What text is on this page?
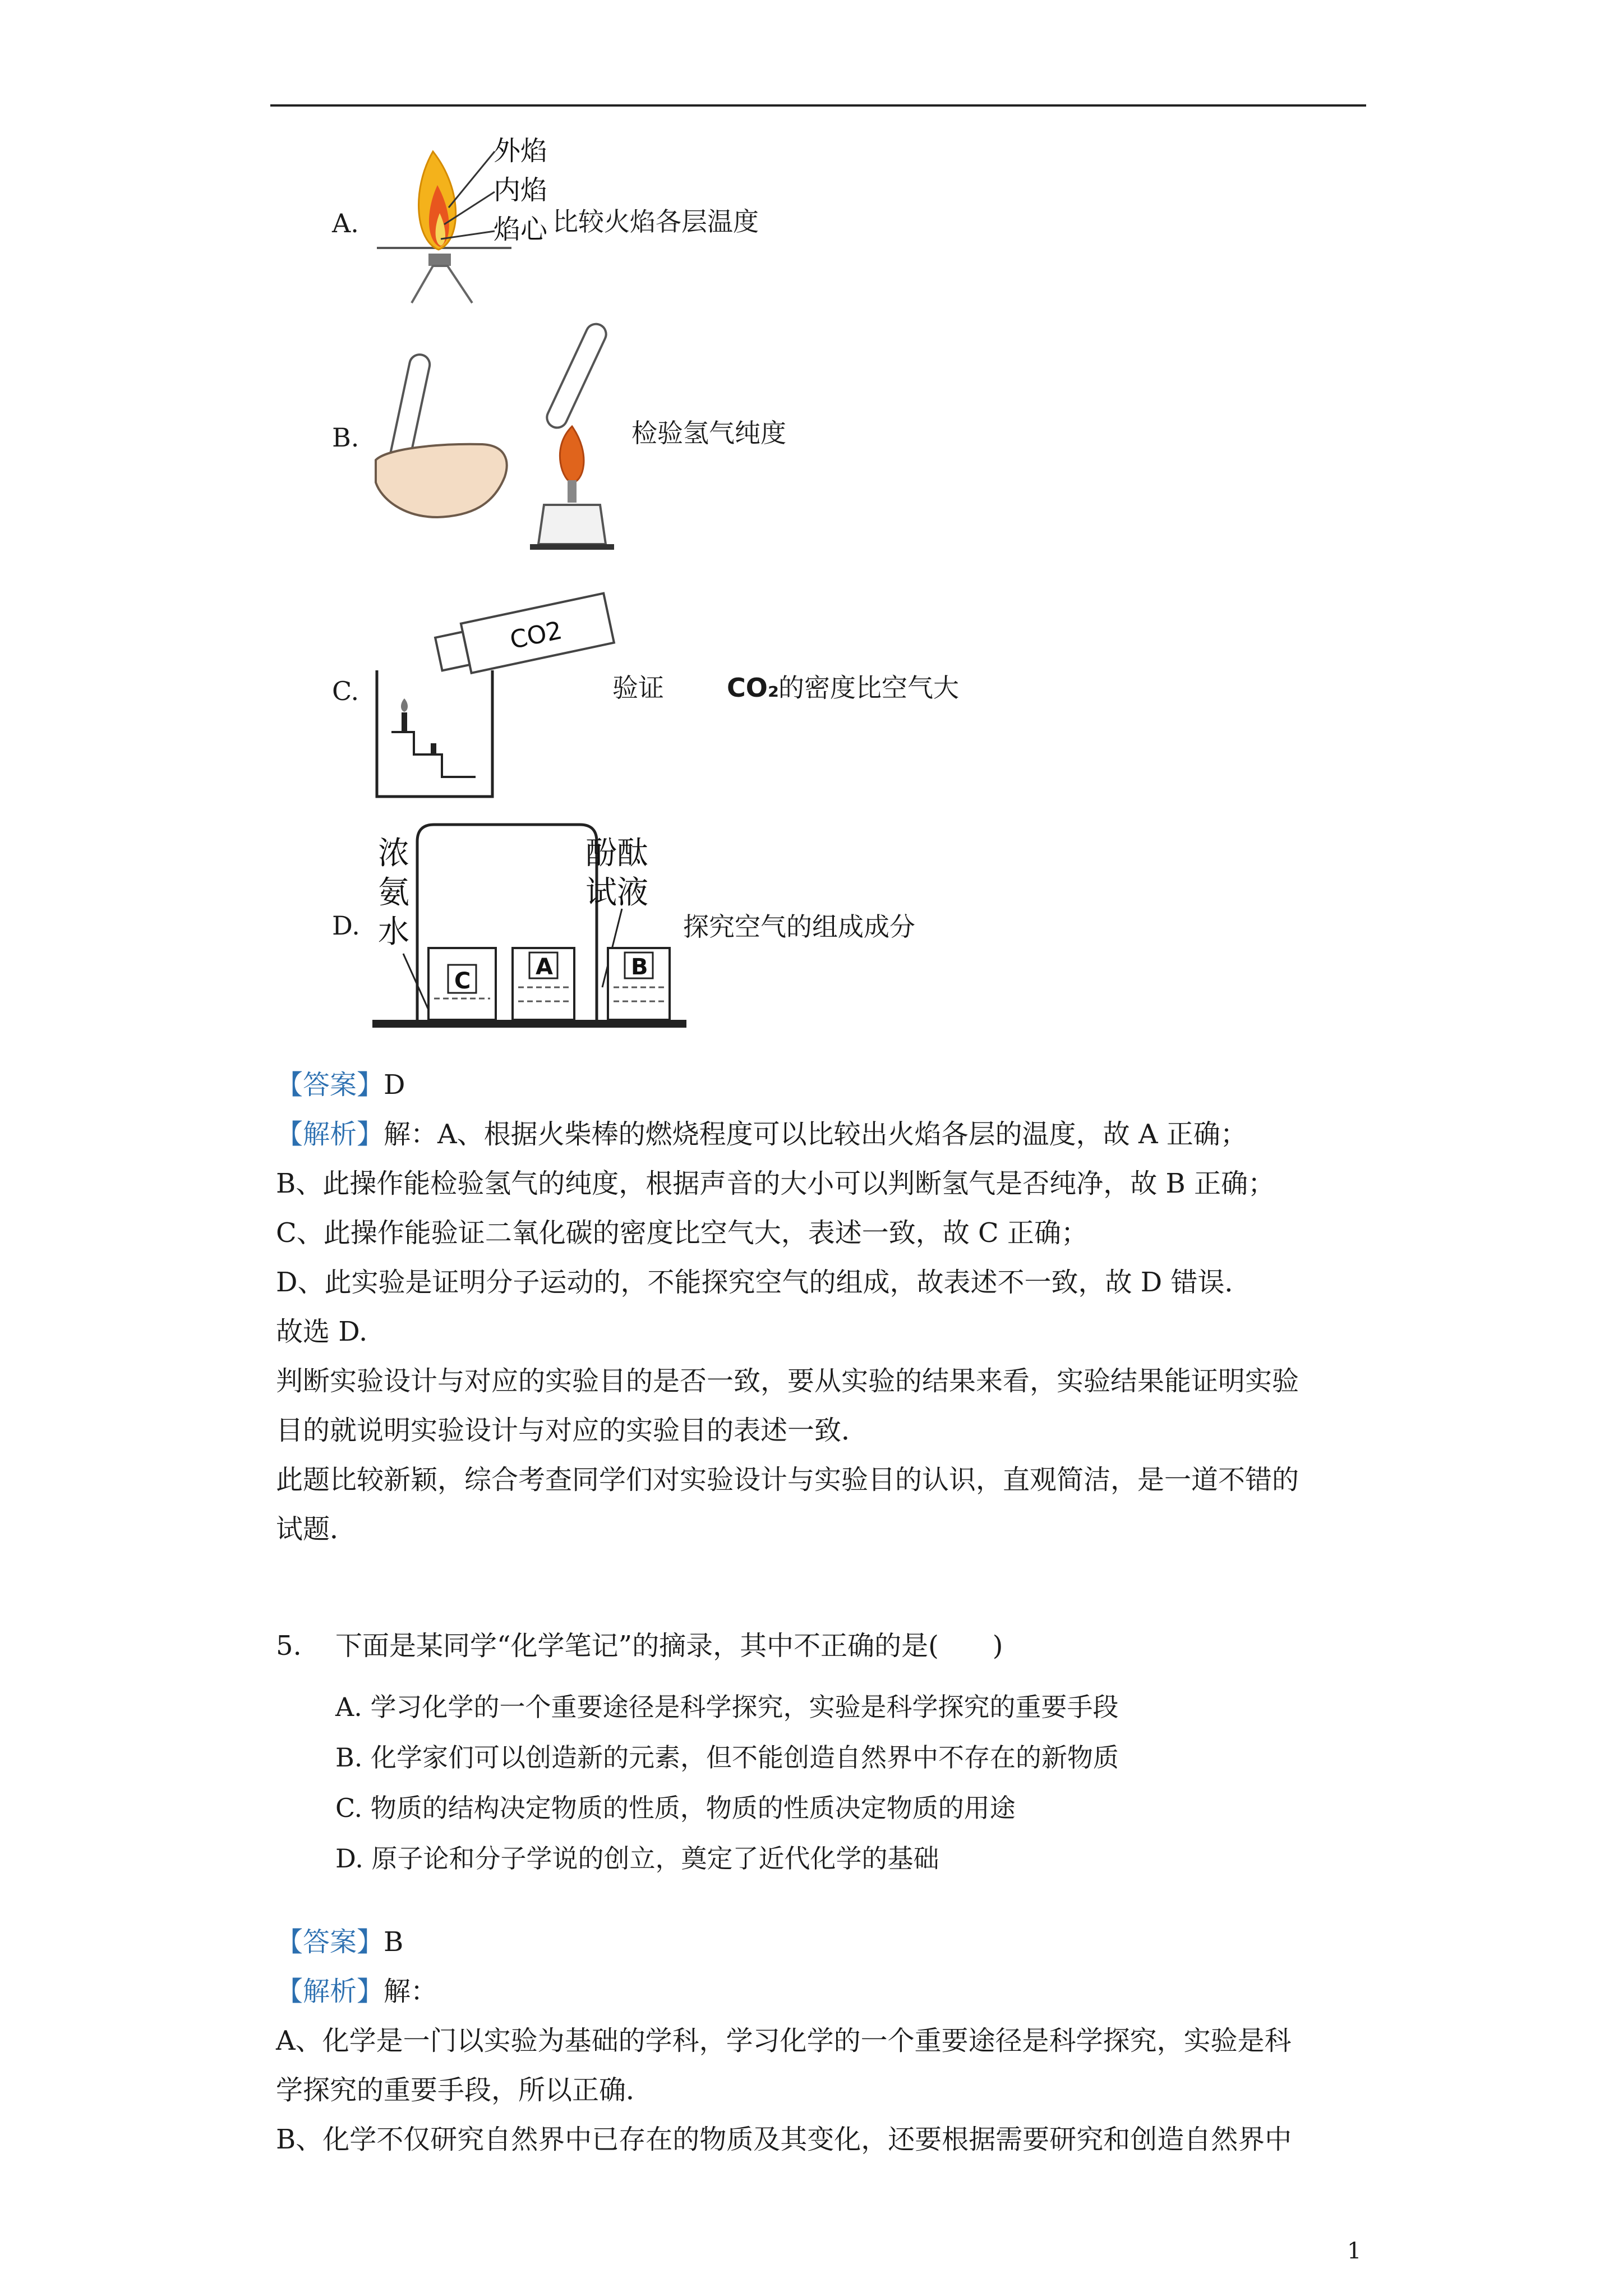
A.
外焰
内焰
焰心 比较火焰各层温度
B.	检验氢气纯度
C.
CO2
验证 CO₂
的密度比空气大
D.
浓
氨
水
酚酞
试液
C
A	B
探究空气的组成成分
【答案】D
【解析】解：A、根据火柴棒的燃烧程度可以比较出火焰各层的温度，故 A 正确；
B、此操作能检验氢气的纯度，根据声音的大小可以判断氢气是否纯净，故 B 正确；
C、此操作能验证二氧化碳的密度比空气大，表述一致，故 C 正确；
D、此实验是证明分子运动的，不能探究空气的组成，故表述不一致，故 D 错误．
故选 D.
判断实验设计与对应的实验目的是否一致，要从实验的结果来看，实验结果能证明实验
目的就说明实验设计与对应的实验目的表述一致．
此题比较新颖，综合考查同学们对实验设计与实验目的认识，直观简洁，是一道不错的
试题．
5. 下面是某同学“化学笔记”的摘录，其中不正确的是(　　)
A. 学习化学的一个重要途径是科学探究，实验是科学探究的重要手段
B. 化学家们可以创造新的元素，但不能创造自然界中不存在的新物质
C. 物质的结构决定物质的性质，物质的性质决定物质的用途
D. 原子论和分子学说的创立，奠定了近代化学的基础
【答案】B
【解析】解：
A、化学是一门以实验为基础的学科，学习化学的一个重要途径是科学探究，实验是科
学探究的重要手段，所以正确．
B、化学不仅研究自然界中已存在的物质及其变化，还要根据需要研究和创造自然界中
1
